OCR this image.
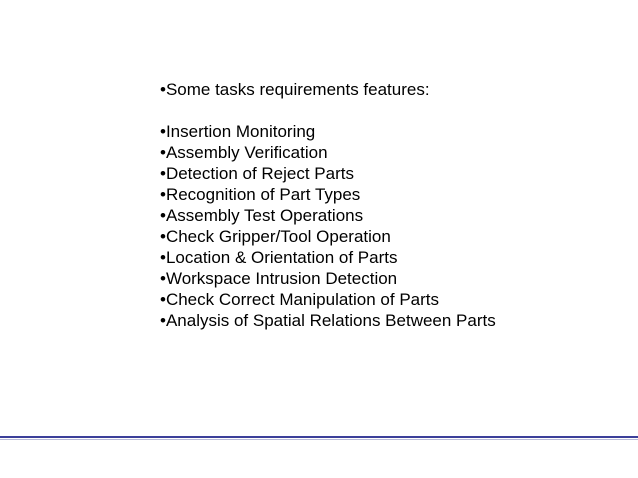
•Some tasks requirements features:
•Insertion Monitoring
•Assembly Verification
•Detection of Reject Parts
•Recognition of Part Types
•Assembly Test Operations
•Check Gripper/Tool Operation
•Location & Orientation of Parts
•Workspace Intrusion Detection
•Check Correct Manipulation of Parts
•Analysis of Spatial Relations Between Parts
